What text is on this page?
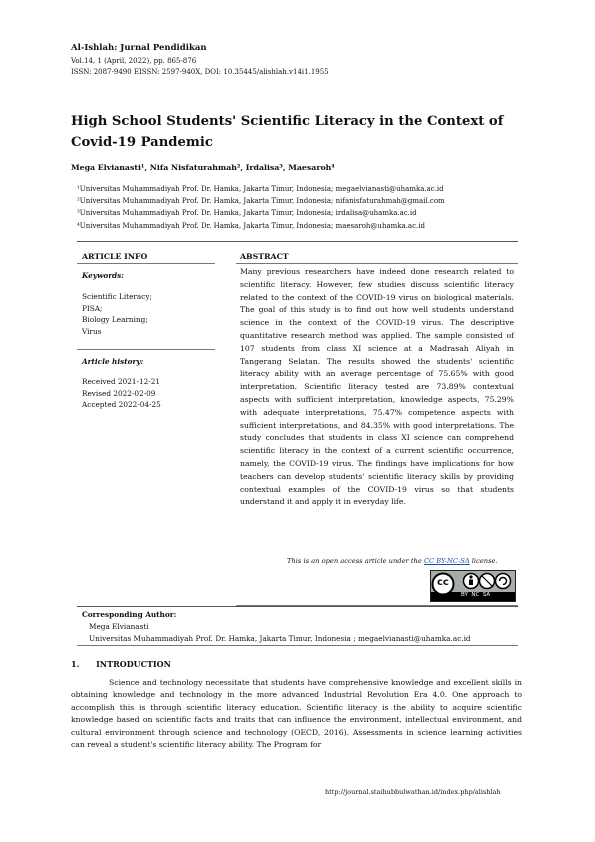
Al-Ishlah: Jurnal Pendidikan
Vol.14, 1 (April, 2022), pp. 865-876
ISSN: 2087-9490 EISSN: 2597-940X, DOI: 10.35445/alishlah.v14i1.1955
High School Students' Scientific Literacy in the Context of Covid-19 Pandemic
Mega Elvianasti¹, Nifa Nisfaturahmah², Irdalisa³, Maesaroh⁴
¹Universitas Muhammadiyah Prof. Dr. Hamka, Jakarta Timur, Indonesia; megaelvianasti@uhamka.ac.id
²Universitas Muhammadiyah Prof. Dr. Hamka, Jakarta Timur, Indonesia; nifanisfaturahmah@gmail.com
³Universitas Muhammadiyah Prof. Dr. Hamka, Jakarta Timur, Indonesia; irdalisa@uhamka.ac.id
⁴Universitas Muhammadiyah Prof. Dr. Hamka, Jakarta Timur, Indonesia; maesaroh@uhamka.ac.id
ARTICLE INFO
Keywords:
Scientific Literacy;
PISA;
Biology Learning;
Virus
Article history:
Received 2021-12-21
Revised 2022-02-09
Accepted 2022-04-25
ABSTRACT
Many previous researchers have indeed done research related to scientific literacy. However, few studies discuss scientific literacy related to the context of the COVID-19 virus on biological materials. The goal of this study is to find out how well students understand science in the context of the COVID-19 virus. The descriptive quantitative research method was applied. The sample consisted of 107 students from class XI science at a Madrasah Aliyah in Tangerang Selatan. The results showed the students' scientific literacy ability with an average percentage of 75.65% with good interpretation. Scientific literacy tested are 73.89% contextual aspects with sufficient interpretation, knowledge aspects, 75.29% with adequate interpretations, 75.47% competence aspects with sufficient interpretations, and 84.35% with good interpretations. The study concludes that students in class XI science can comprehend scientific literacy in the context of a current scientific occurrence, namely, the COVID-19 virus. The findings have implications for how teachers can develop students' scientific literacy skills by providing contextual examples of the COVID-19 virus so that students understand it and apply it in everyday life.
This is an open access article under the CC BY-NC-SA license.
cc
BY  NC  SA
Corresponding Author:
Mega Elvianasti
Universitas Muhammadiyah Prof. Dr. Hamka, Jakarta Timur, Indonesia ; megaelvianasti@uhamka.ac.id
1.      INTRODUCTION
Science and technology necessitate that students have comprehensive knowledge and excellent skills in obtaining knowledge and technology in the more advanced Industrial Revolution Era 4.0. One approach to accomplish this is through scientific literacy education. Scientific literacy is the ability to acquire scientific knowledge based on scientific facts and traits that can influence the environment, intellectual environment, and cultural environment through science and technology (OECD, 2016). Assessments in science learning activities can reveal a student's scientific literacy ability. The Program for
http://journal.staihubbulwathan.id/index.php/alishlah
